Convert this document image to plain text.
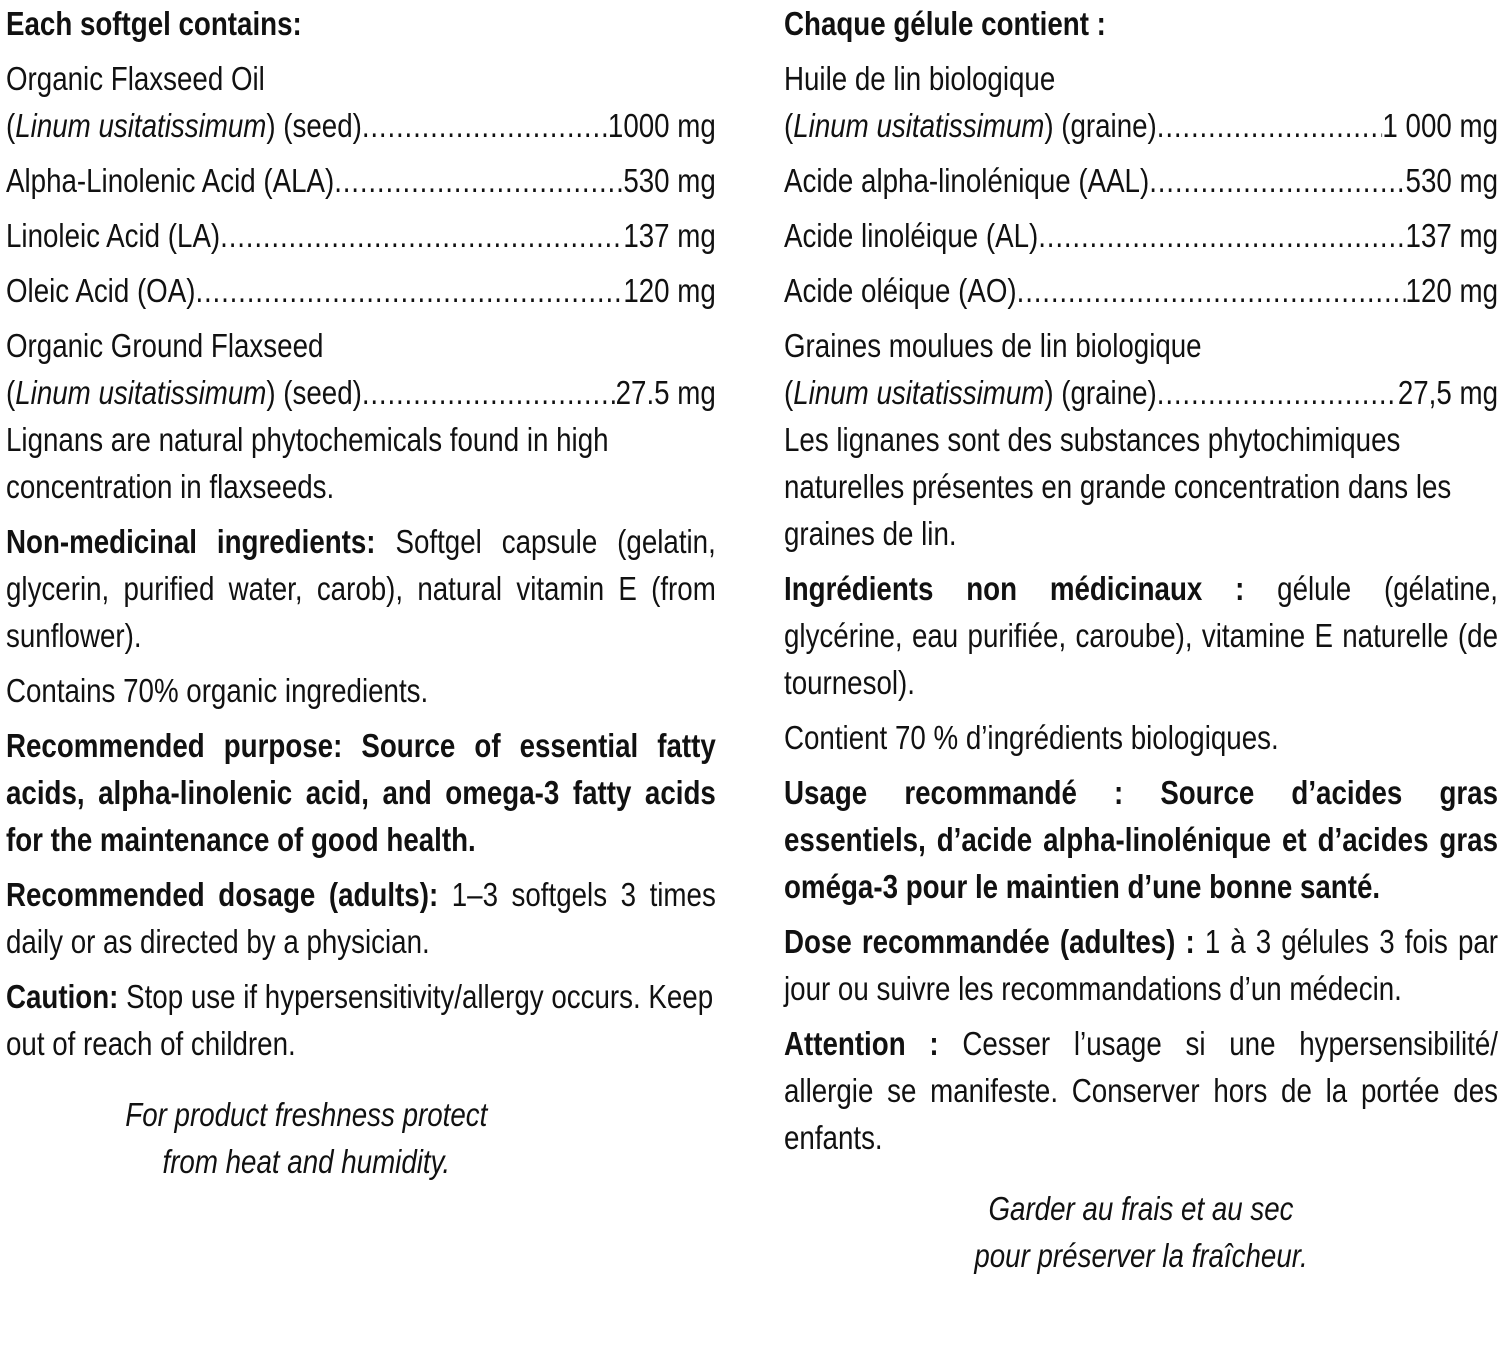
Each softgel contains:
Organic Flaxseed Oil
(Linum usitatissimum) (seed) .....	1000 mg
Alpha-Linolenic Acid (ALA) .....	530 mg
Linoleic Acid (LA) .....	137 mg
Oleic Acid (OA) .....	120 mg
Organic Ground Flaxseed
(Linum usitatissimum) (seed) .....	27.5 mg
Lignans are natural phytochemicals found in high concentration in flaxseeds.
Non-medicinal ingredients: Softgel capsule (gelatin, glycerin, purified water, carob), natural vitamin E (from sunflower).
Contains 70% organic ingredients.
Recommended purpose: Source of essential fatty acids, alpha-linolenic acid, and omega-3 fatty acids for the maintenance of good health.
Recommended dosage (adults): 1–3 softgels 3 times daily or as directed by a physician.
Caution: Stop use if hypersensitivity/allergy occurs. Keep out of reach of children.
For product freshness protect
from heat and humidity.
Chaque gélule contient :
Huile de lin biologique
(Linum usitatissimum) (graine) .....	1 000 mg
Acide alpha-linolénique (AAL) .....	530 mg
Acide linoléique (AL) .....	137 mg
Acide oléique (AO) .....	120 mg
Graines moulues de lin biologique
(Linum usitatissimum) (graine) .....	27,5 mg
Les lignanes sont des substances phytochimiques naturelles présentes en grande concentration dans les graines de lin.
Ingrédients non médicinaux : gélule (gélatine, glycérine, eau purifiée, caroube), vitamine E naturelle (de tournesol).
Contient 70 % d’ingrédients biologiques.
Usage recommandé : Source d’acides gras essentiels, d’acide alpha-linolénique et d’acides gras oméga-3 pour le maintien d’une bonne santé.
Dose recommandée (adultes) : 1 à 3 gélules 3 fois par jour ou suivre les recommandations d’un médecin.
Attention : Cesser l’usage si une hypersensibilité/ allergie se manifeste. Conserver hors de la portée des enfants.
Garder au frais et au sec
pour préserver la fraîcheur.
